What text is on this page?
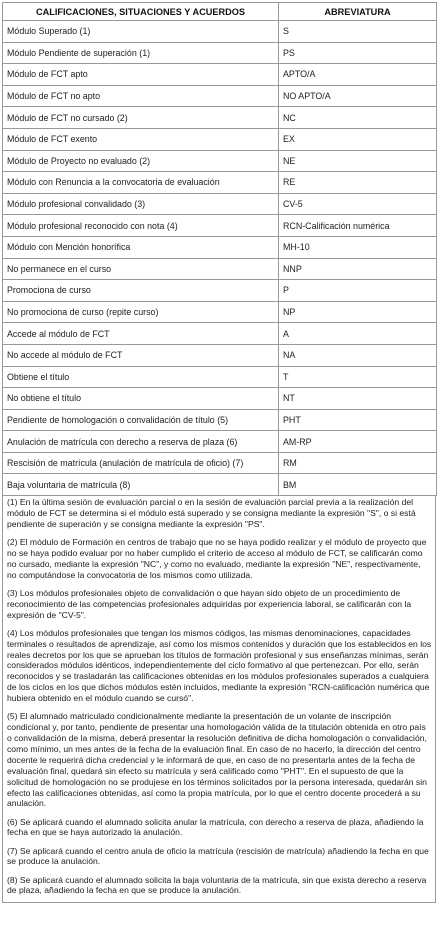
CALIFICACIONES, SITUACIONES Y ACUERDOS	ABREVIATURA
Módulo Superado (1)	S
Módulo Pendiente de superación (1)	PS
Módulo de FCT apto	APTO/A
Módulo de FCT no apto	NO APTO/A
Módulo de FCT no cursado (2)	NC
Módulo de FCT exento	EX
Módulo de Proyecto no evaluado (2)	NE
Módulo con Renuncia a la convocatoria de evaluación	RE
Módulo profesional convalidado (3)	CV-5
Módulo profesional reconocido con nota (4)	RCN-Calificación numérica
Módulo con Mención honorífica	MH-10
No permanece en el curso	NNP
Promociona de curso	P
No promociona de curso (repite curso)	NP
Accede al módulo de FCT	A
No accede al módulo de FCT	NA
Obtiene el título	T
No obtiene el título	NT
Pendiente de homologación o convalidación de título (5)	PHT
Anulación de matrícula con derecho a reserva de plaza (6)	AM-RP
Rescisión de matrícula (anulación de matrícula de oficio) (7)	RM
Baja voluntaria de matrícula (8)	BM

(1) En la última sesión de evaluación parcial o en la sesión de evaluación parcial previa a la realización del módulo de FCT se determina si el módulo está superado y se consigna mediante la expresión "S", o si está pendiente de superación y se consigna mediante la expresión "PS".

(2) El módulo de Formación en centros de trabajo que no se haya podido realizar y el módulo de proyecto que no se haya podido evaluar por no haber cumplido el criterio de acceso al módulo de FCT, se calificarán como no cursado, mediante la expresión "NC", y como no evaluado, mediante la expresión "NE", respectivamente, no computándose la convocatoria de los mismos como utilizada.

(3) Los módulos profesionales objeto de convalidación o que hayan sido objeto de un procedimiento de reconocimiento de las competencias profesionales adquiridas por experiencia laboral, se calificarán con la expresión de "CV-5".

(4) Los módulos profesionales que tengan los mismos códigos, las mismas denominaciones, capacidades terminales o resultados de aprendizaje, así como los mismos contenidos y duración que los establecidos en los reales decretos por los que se aprueban los títulos de formación profesional y sus enseñanzas mínimas, serán considerados módulos idénticos, independientemente del ciclo formativo al que pertenezcan. Por ello, serán reconocidos y se trasladarán las calificaciones obtenidas en los módulos profesionales superados a cualquiera de los ciclos en los que dichos módulos estén incluidos, mediante la expresión "RCN-calificación numérica que hubiera obtenido en el módulo cuando se cursó".

(5) El alumnado matriculado condicionalmente mediante la presentación de un volante de inscripción condicional y, por tanto, pendiente de presentar una homologación válida de la titulación obtenida en otro país o convalidación de la misma, deberá presentar la resolución definitiva de dicha homologación o convalidación, como mínimo, un mes antes de la fecha de la evaluación final. En caso de no hacerlo, la dirección del centro docente le requerirá dicha credencial y le informará de que, en caso de no presentarla antes de la fecha de evaluación final, quedará sin efecto su matrícula y será calificado como "PHT". En el supuesto de que la solicitud de homologación no se produjese en los términos solicitados por la persona interesada, quedarán sin efecto las calificaciones obtenidas, así como la propia matrícula, por lo que el centro docente procederá a su anulación.

(6) Se aplicará cuando el alumnado solicita anular la matrícula, con derecho a reserva de plaza, añadiendo la fecha en que se haya autorizado la anulación.

(7) Se aplicará cuando el centro anula de oficio la matrícula (rescisión de matrícula) añadiendo la fecha en que se produce la anulación.

(8) Se aplicará cuando el alumnado solicita la baja voluntaria de la matrícula, sin que exista derecho a reserva de plaza, añadiendo la fecha en que se produce la anulación.
